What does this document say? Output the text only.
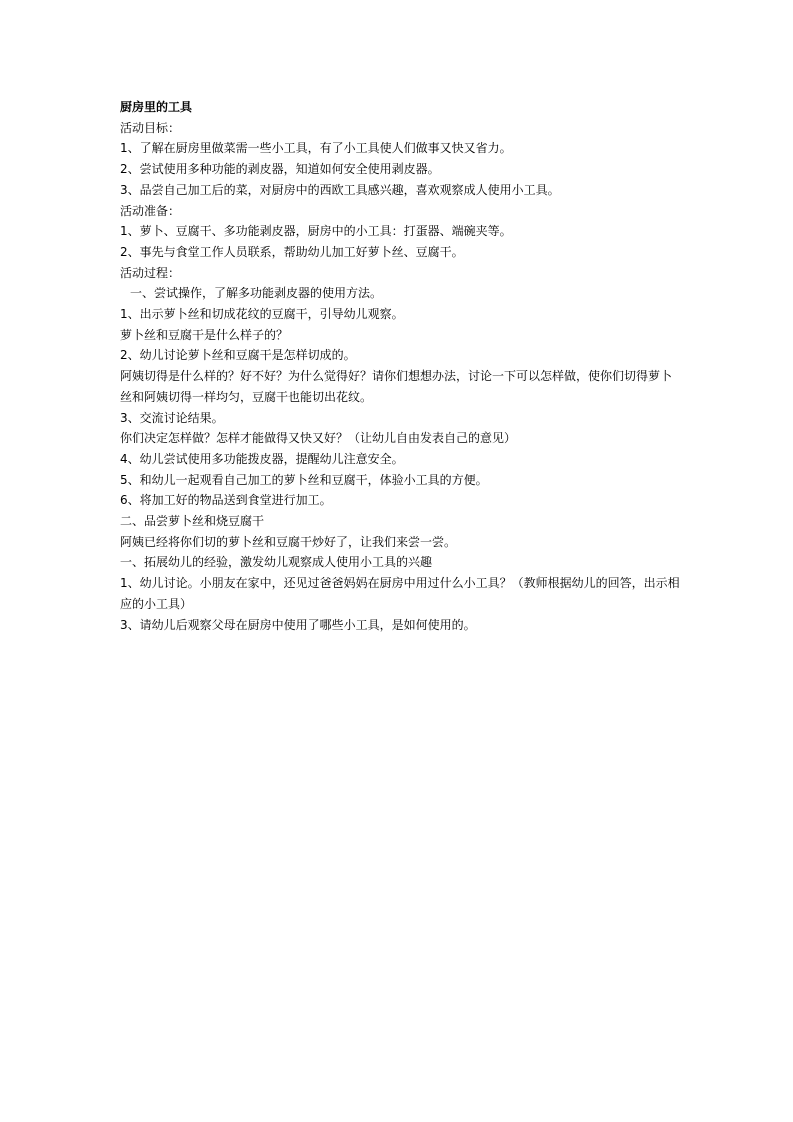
厨房里的工具
活动目标：
1、了解在厨房里做菜需一些小工具，有了小工具使人们做事又快又省力。
2、尝试使用多种功能的剥皮器，知道如何安全使用剥皮器。
3、品尝自己加工后的菜，对厨房中的西欧工具感兴趣，喜欢观察成人使用小工具。
活动准备：
1、萝卜、豆腐干、多功能剥皮器，厨房中的小工具：打蛋器、端碗夹等。
2、事先与食堂工作人员联系，帮助幼儿加工好萝卜丝、豆腐干。
活动过程：
一、尝试操作，了解多功能剥皮器的使用方法。
1、出示萝卜丝和切成花纹的豆腐干，引导幼儿观察。
萝卜丝和豆腐干是什么样子的？
2、幼儿讨论萝卜丝和豆腐干是怎样切成的。
阿姨切得是什么样的？好不好？为什么觉得好？请你们想想办法，讨论一下可以怎样做，使你们切得萝卜丝和阿姨切得一样均匀，豆腐干也能切出花纹。
3、交流讨论结果。
你们决定怎样做？怎样才能做得又快又好？（让幼儿自由发表自己的意见）
4、幼儿尝试使用多功能拨皮器，提醒幼儿注意安全。
5、和幼儿一起观看自己加工的萝卜丝和豆腐干，体验小工具的方便。
6、将加工好的物品送到食堂进行加工。
二、品尝萝卜丝和烧豆腐干
阿姨已经将你们切的萝卜丝和豆腐干炒好了，让我们来尝一尝。
一、拓展幼儿的经验，激发幼儿观察成人使用小工具的兴趣
1、幼儿讨论。小朋友在家中，还见过爸爸妈妈在厨房中用过什么小工具？（教师根据幼儿的回答，出示相应的小工具）
3、请幼儿后观察父母在厨房中使用了哪些小工具，是如何使用的。
